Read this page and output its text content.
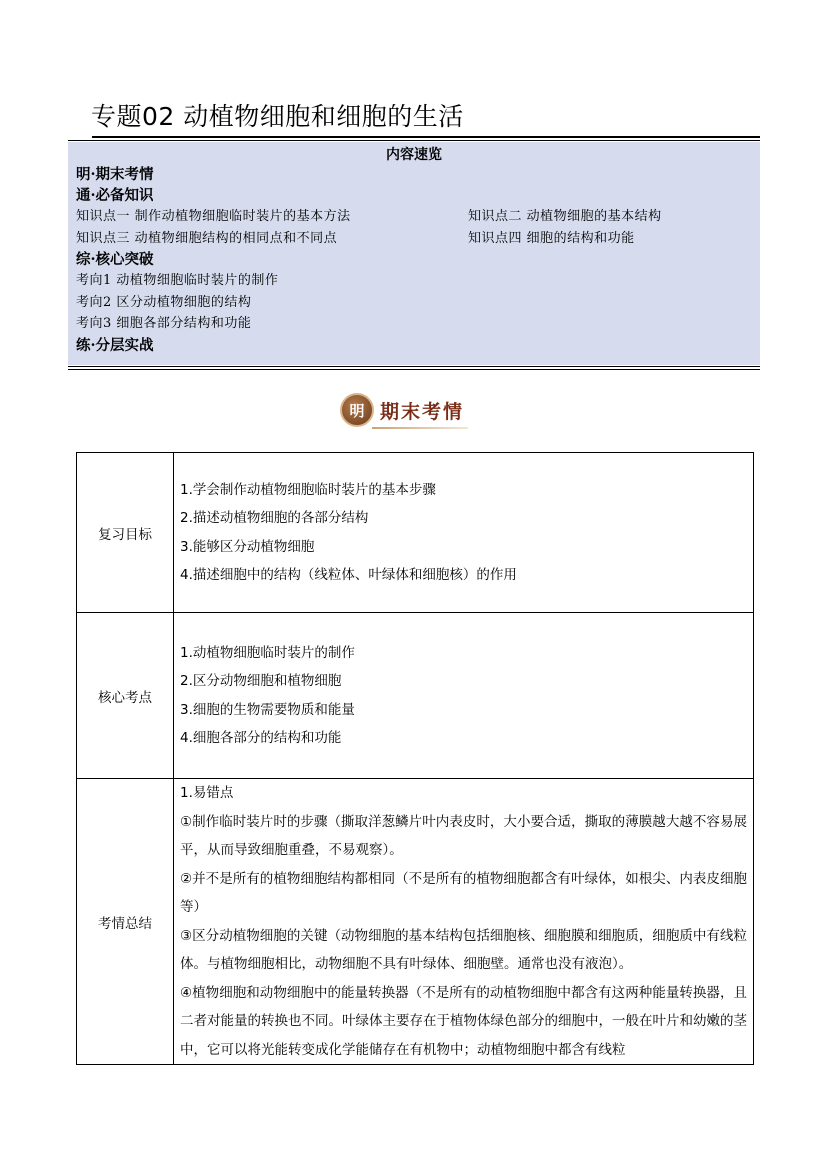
专题02 动植物细胞和细胞的生活
内容速览
明·期末考情
通·必备知识
知识点一 制作动植物细胞临时装片的基本方法	知识点二 动植物细胞的基本结构
知识点三 动植物细胞结构的相同点和不同点	知识点四 细胞的结构和功能
综·核心突破
考向1 动植物细胞临时装片的制作
考向2 区分动植物细胞的结构
考向3 细胞各部分结构和功能
练·分层实战
明 期末考情
复习目标	1.学会制作动植物细胞临时装片的基本步骤
2.描述动植物细胞的各部分结构
3.能够区分动植物细胞
4.描述细胞中的结构（线粒体、叶绿体和细胞核）的作用

核心考点	1.动植物细胞临时装片的制作
2.区分动物细胞和植物细胞
3.细胞的生物需要物质和能量
4.细胞各部分的结构和功能

考情总结	1.易错点
①制作临时装片时的步骤（撕取洋葱鳞片叶内表皮时，大小要合适，撕取的薄膜越大越不容易展平，从而导致细胞重叠，不易观察）。
②并不是所有的植物细胞结构都相同（不是所有的植物细胞都含有叶绿体，如根尖、内表皮细胞等）
③区分动植物细胞的关键（动物细胞的基本结构包括细胞核、细胞膜和细胞质，细胞质中有线粒体。与植物细胞相比，动物细胞不具有叶绿体、细胞壁。通常也没有液泡）。
④植物细胞和动物细胞中的能量转换器（不是所有的动植物细胞中都含有这两种能量转换器，且二者对能量的转换也不同。叶绿体主要存在于植物体绿色部分的细胞中，一般在叶片和幼嫩的茎中，它可以将光能转变成化学能储存在有机物中；动植物细胞中都含有线粒
